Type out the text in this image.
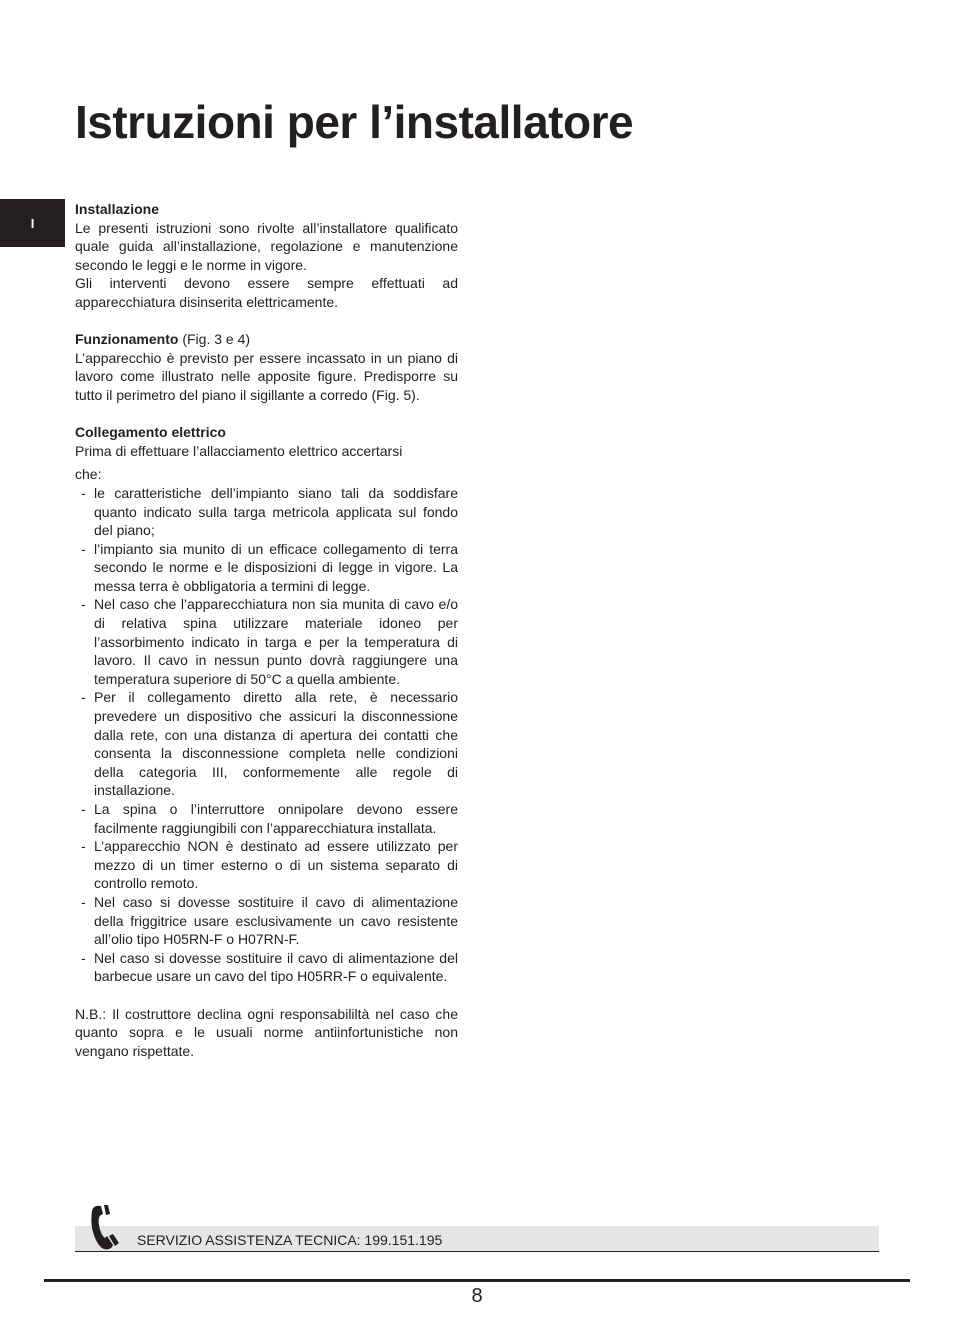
Istruzioni per l’installatore
I
Installazione

Le presenti istruzioni sono rivolte all’installatore qualificato quale guida all’installazione, regolazione e manutenzione secondo le leggi e le norme in vigore.

Gli interventi devono essere sempre effettuati ad apparecchiatura disinserita elettricamente.

Funzionamento (Fig. 3 e 4)

L’apparecchio è previsto per essere incassato in un piano di lavoro come illustrato nelle apposite figure. Predisporre su tutto il perimetro del piano il sigillante a corredo (Fig. 5).

Collegamento elettrico

Prima di effettuare l’allacciamento elettrico accertarsi

che:

- le caratteristiche dell’impianto siano tali da soddisfare quanto indicato sulla targa metricola applicata sul fondo del piano;
- l’impianto sia munito di un efficace collegamento di terra secondo le norme e le disposizioni di legge in vigore. La messa terra è obbligatoria a termini di legge.
- Nel caso che l’apparecchiatura non sia munita di cavo e/o di relativa spina utilizzare materiale idoneo per l’assorbimento indicato in targa e per la temperatura di lavoro. Il cavo in nessun punto dovrà raggiungere una temperatura superiore di 50°C a quella ambiente.
- Per il collegamento diretto alla rete, è necessario prevedere un dispositivo che assicuri la disconnessione dalla rete, con una distanza di apertura dei contatti che consenta la disconnessione completa nelle condizioni della categoria III, conformemente alle regole di installazione.
- La spina o l’interruttore onnipolare devono essere facilmente raggiungibili con l’apparecchiatura installata.
- L’apparecchio NON è destinato ad essere utilizzato per mezzo di un timer esterno o di un sistema separato di controllo remoto.
- Nel caso si dovesse sostituire il cavo di alimentazione della friggitrice usare esclusivamente un cavo resistente all’olio tipo H05RN-F o H07RN-F.
- Nel caso si dovesse sostituire il cavo di alimentazione del barbecue usare un cavo del tipo H05RR-F o equivalente.

N.B.: Il costruttore declina ogni responsabililtà nel caso che quanto sopra e le usuali norme antiinfortunistiche non vengano rispettate.

SERVIZIO ASSISTENZA TECNICA: 199.151.195
8
